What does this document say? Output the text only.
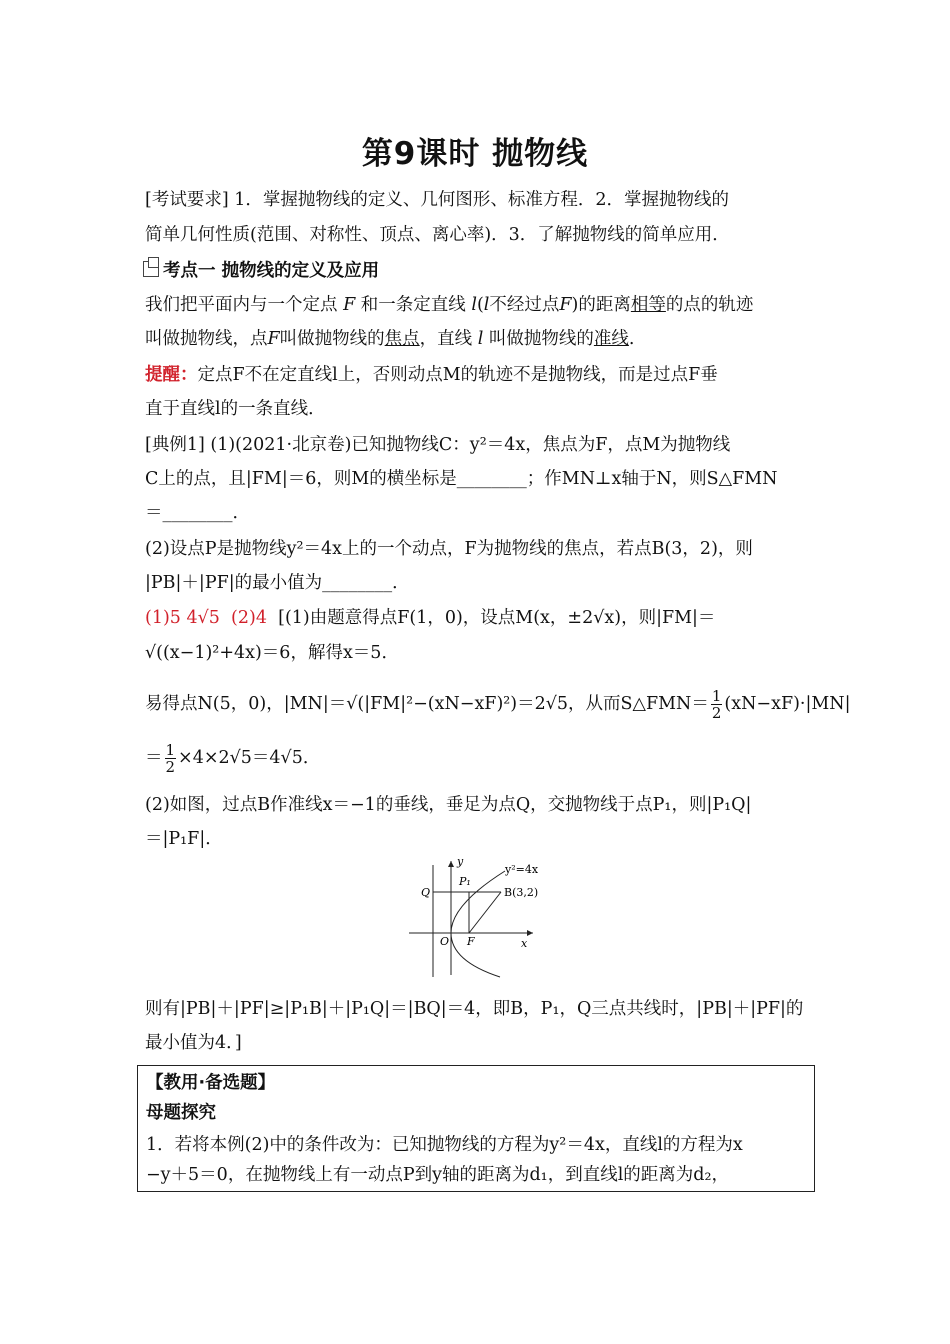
第9课时 抛物线
[考试要求] 1．掌握抛物线的定义、几何图形、标准方程．2．掌握抛物线的
简单几何性质(范围、对称性、顶点、离心率)．3．了解抛物线的简单应用．
考点一 抛物线的定义及应用
我们把平面内与一个定点 F 和一条定直线 l(l不经过点F)的距离相等的点的轨迹
叫做抛物线，点F叫做抛物线的焦点，直线 l 叫做抛物线的准线.
提醒：定点F不在定直线l上，否则动点M的轨迹不是抛物线，而是过点F垂
直于直线l的一条直线．
[典例1] (1)(2021·北京卷)已知抛物线C：y²＝4x，焦点为F，点M为抛物线
C上的点，且|FM|＝6，则M的横坐标是________；作MN⊥x轴于N，则S△FMN
＝________．
(2)设点P是抛物线y²＝4x上的一个动点，F为抛物线的焦点，若点B(3，2)，则
|PB|＋|PF|的最小值为________．
(1)5 4√5 (2)4 [(1)由题意得点F(1，0)，设点M(x，±2√x)，则|FM|＝
√((x−1)²+4x)＝6，解得x＝5．
易得点N(5，0)，|MN|＝√(|FM|²−(xN−xF)²)＝2√5，从而S△FMN＝ $\frac{1}{2} (xN-xF)\cdot|MN|$
＝ $\frac{1}{2} \times 4\times 2√5=4√5$．
(2)如图，过点B作准线x＝−1的垂线，垂足为点Q，交抛物线于点P₁，则|P₁Q|
＝|P₁F|．
y
x
y²=4x
P₁
B(3,2)
Q
O F
则有|PB|＋|PF|≥|P₁B|＋|P₁Q|＝|BQ|＝4，即B，P₁，Q三点共线时，|PB|＋|PF|的
最小值为4．]
【教用·备选题】
母题探究
1．若将本例(2)中的条件改为：已知抛物线的方程为y²＝4x，直线l的方程为x
−y＋5＝0，在抛物线上有一动点P到y轴的距离为d₁，到直线l的距离为d₂，
